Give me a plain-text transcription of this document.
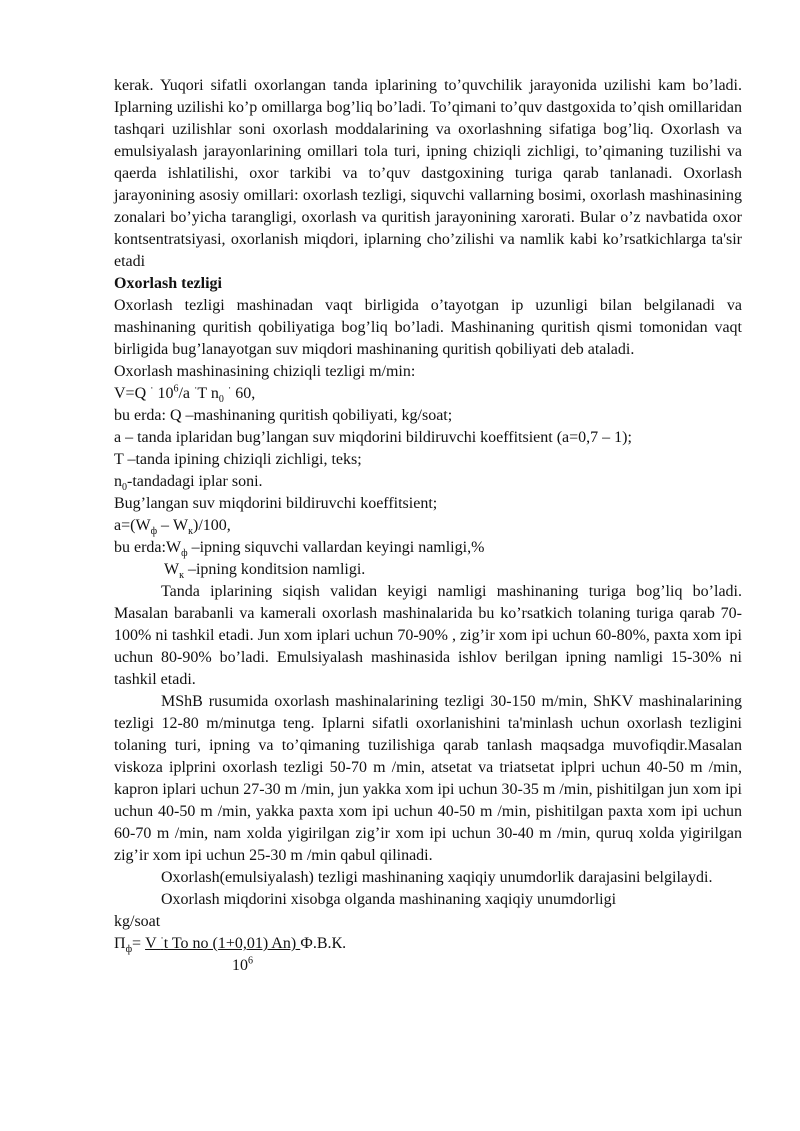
kerak. Yuqori sifatli oxorlangan tanda iplarining to’quvchilik jarayonida uzilishi kam bo’ladi. Iplarning uzilishi ko’p omillarga bog’liq bo’ladi. To’qimani to’quv dastgoxida to’qish omillaridan tashqari uzilishlar soni oxorlash moddalarining va oxorlashning sifatiga bog’liq. Oxorlash va emulsiyalash jarayonlarining omillari tola turi, ipning chiziqli zichligi, to’qimaning tuzilishi va qaerda ishlatilishi, oxor tarkibi va to’quv dastgoxining turiga qarab tanlanadi. Oxorlash jarayonining asosiy omillari: oxorlash tezligi, siquvchi vallarning bosimi, oxorlash mashinasining zonalari bo’yicha tarangligi, oxorlash va quritish jarayonining xarorati. Bular o’z navbatida oxor kontsentratsiyasi, oxorlanish miqdori, iplarning cho’zilishi va namlik kabi ko’rsatkichlarga ta'sir etadi

Oxorlash tezligi

Oxorlash tezligi mashinadan vaqt birligida o’tayotgan ip uzunligi bilan belgilanadi va mashinaning quritish qobiliyatiga bog’liq bo’ladi. Mashinaning quritish qismi tomonidan vaqt birligida bug’lanayotgan suv miqdori mashinaning quritish qobiliyati deb ataladi.

Oxorlash mashinasining chiziqli tezligi m/min:

V=Q · $10^6/a$ ·T $n_0$ · 60,

bu erda: Q –mashinaning quritish qobiliyati, kg/soat;

a – tanda iplaridan bug’langan suv miqdorini bildiruvchi koeffitsient (a=0,7 – 1);

T –tanda ipining chiziqli zichligi, teks;

$n_0$-tandadagi iplar soni.

Bug’langan suv miqdorini bildiruvchi koeffitsient;

$a=(W_ф - W_к)/100$,

bu $erda:W_ф$ –ipning siquvchi vallardan keyingi namligi,%

$W_к$ –ipning konditsion namligi.

Tanda iplarining siqish validan keyigi namligi mashinaning turiga bog’liq bo’ladi. Masalan barabanli va kamerali oxorlash mashinalarida bu ko’rsatkich tolaning turiga qarab 70-100% ni tashkil etadi. Jun xom iplari uchun 70-90% , zig’ir xom ipi uchun 60-80%, paxta xom ipi uchun 80-90% bo’ladi. Emulsiyalash mashinasida ishlov berilgan ipning namligi 15-30% ni tashkil etadi.

MShB rusumida oxorlash mashinalarining tezligi 30-150 m/min, ShKV mashinalarining tezligi 12-80 m/minutga teng. Iplarni sifatli oxorlanishini ta'minlash uchun oxorlash tezligini tolaning turi, ipning va to’qimaning tuzilishiga qarab tanlash maqsadga muvofiqdir.Masalan viskoza iplprini oxorlash tezligi 50-70 m /min, atsetat va triatsetat iplpri uchun 40-50 m /min, kapron iplari uchun 27-30 m /min, jun yakka xom ipi uchun 30-35 m /min, pishitilgan jun xom ipi uchun 40-50 m /min, yakka paxta xom ipi uchun 40-50 m /min, pishitilgan paxta xom ipi uchun 60-70 m /min, nam xolda yigirilgan zig’ir xom ipi uchun 30-40 m /min, quruq xolda yigirilgan zig’ir xom ipi uchun 25-30 m /min qabul qilinadi.

Oxorlash(emulsiyalash) tezligi mashinaning xaqiqiy unumdorlik darajasini belgilaydi.

Oxorlash miqdorini xisobga olganda mashinaning xaqiqiy unumdorligi

kg/soat

$П_ф= V$ ·t To no (1+0,01) An) Ф.В.К.

$10^6$
